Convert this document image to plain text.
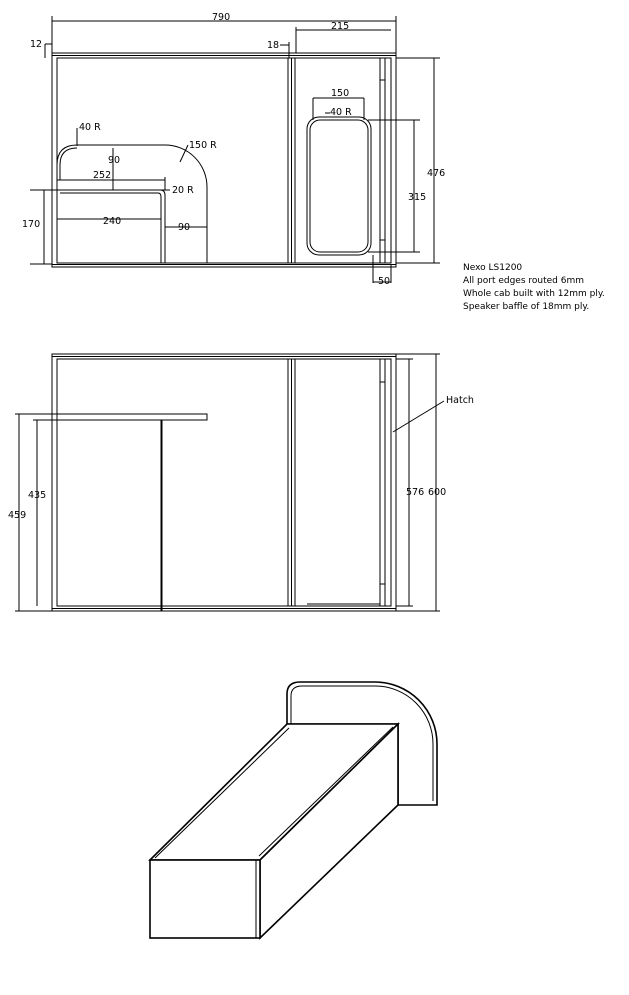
790
215
12	18
40 R
150 R
90
252
20 R
240
90
170
150
40 R
315
476
50
Nexo LS1200
All port edges routed 6mm
Whole cab built with 12mm ply.
Speaker baffle of 18mm ply.
Hatch
459
435	576 600
